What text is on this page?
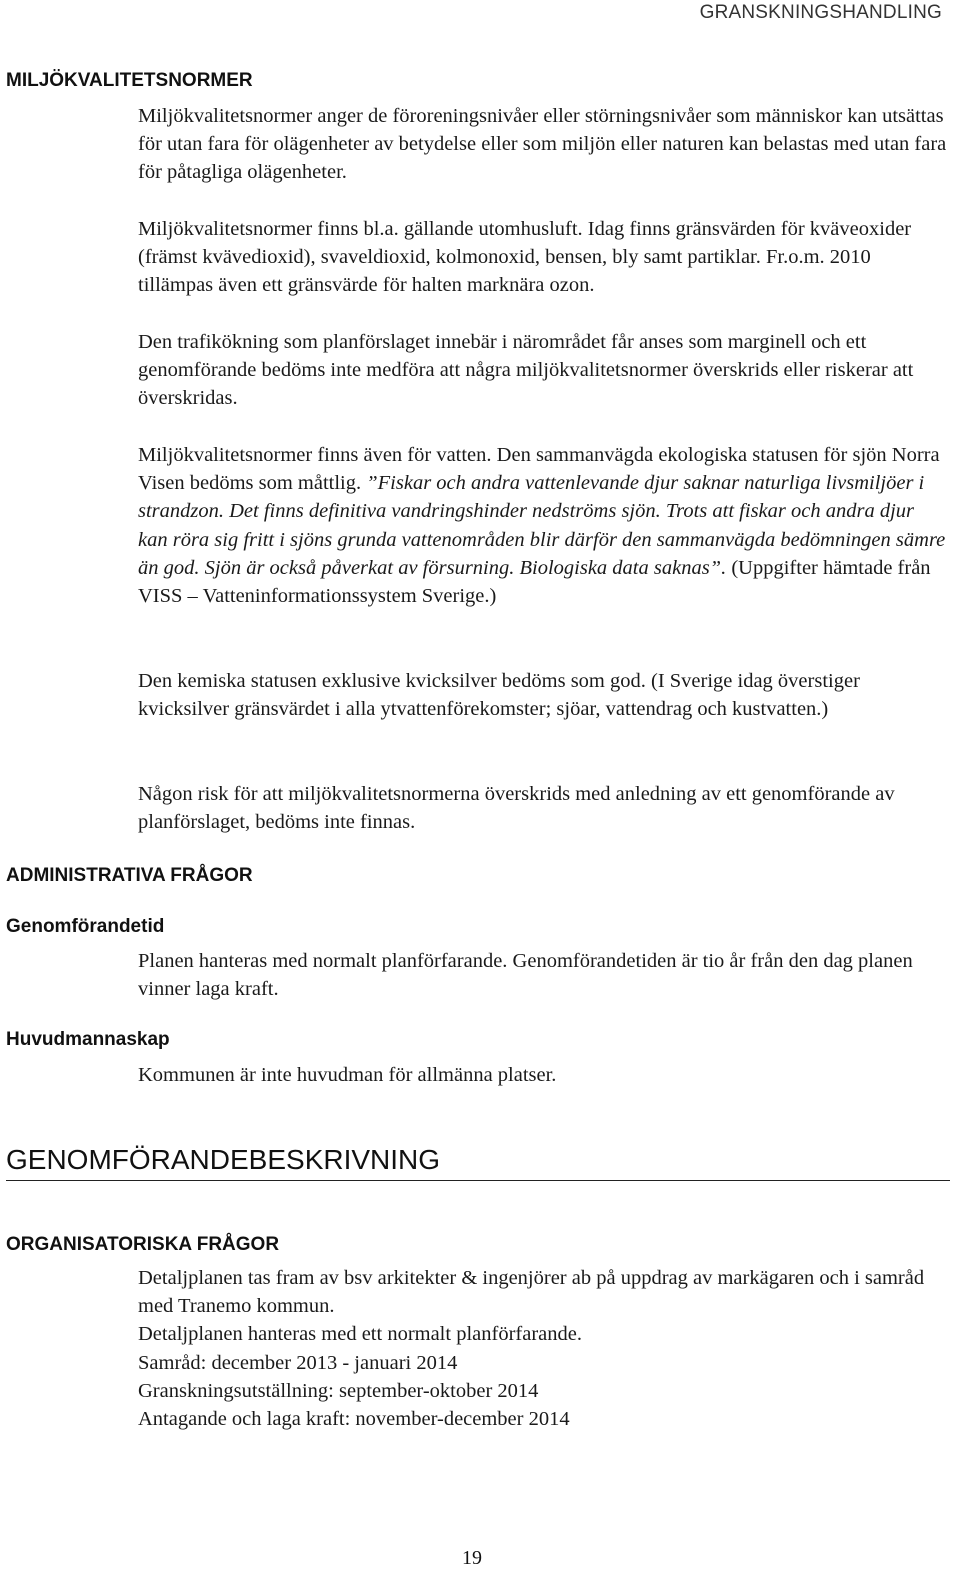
GRANSKNINGSHANDLING
MILJÖKVALITETSNORMER

Miljökvalitetsnormer anger de föroreningsnivåer eller störningsnivåer som människor kan utsättas för utan fara för olägenheter av betydelse eller som miljön eller naturen kan belastas med utan fara för påtagliga olägenheter.

Miljökvalitetsnormer finns bl.a. gällande utomhusluft. Idag finns gränsvärden för kväveoxider (främst kvävedioxid), svaveldioxid, kolmonoxid, bensen, bly samt partiklar. Fr.o.m. 2010 tillämpas även ett gränsvärde för halten marknära ozon.

Den trafikökning som planförslaget innebär i närområdet får anses som marginell och ett genomförande bedöms inte medföra att några miljökvalitetsnormer överskrids eller riskerar att överskridas.

Miljökvalitetsnormer finns även för vatten. Den sammanvägda ekologiska statusen för sjön Norra Visen bedöms som måttlig. ”Fiskar och andra vattenlevande djur saknar naturliga livsmiljöer i strandzon. Det finns definitiva vandringshinder nedströms sjön. Trots att fiskar och andra djur kan röra sig fritt i sjöns grunda vattenområden blir därför den sammanvägda bedömningen sämre än god. Sjön är också påverkat av försurning. Biologiska data saknas”. (Uppgifter hämtade från VISS – Vatteninformationssystem Sverige.)

Den kemiska statusen exklusive kvicksilver bedöms som god. (I Sverige idag överstiger kvicksilver gränsvärdet i alla ytvattenförekomster; sjöar, vattendrag och kustvatten.)

Någon risk för att miljökvalitetsnormerna överskrids med anledning av ett genomförande av planförslaget, bedöms inte finnas.

ADMINISTRATIVA FRÅGOR
Genomförandetid

Planen hanteras med normalt planförfarande. Genomförandetiden är tio år från den dag planen vinner laga kraft.

Huvudmannaskap

Kommunen är inte huvudman för allmänna platser.

GENOMFÖRANDEBESKRIVNING
ORGANISATORISKA FRÅGOR

Detaljplanen tas fram av bsv arkitekter & ingenjörer ab på uppdrag av markägaren och i samråd med Tranemo kommun.

Detaljplanen hanteras med ett normalt planförfarande.

Samråd: december 2013 - januari 2014

Granskningsutställning: september-oktober 2014

Antagande och laga kraft: november-december 2014

19
